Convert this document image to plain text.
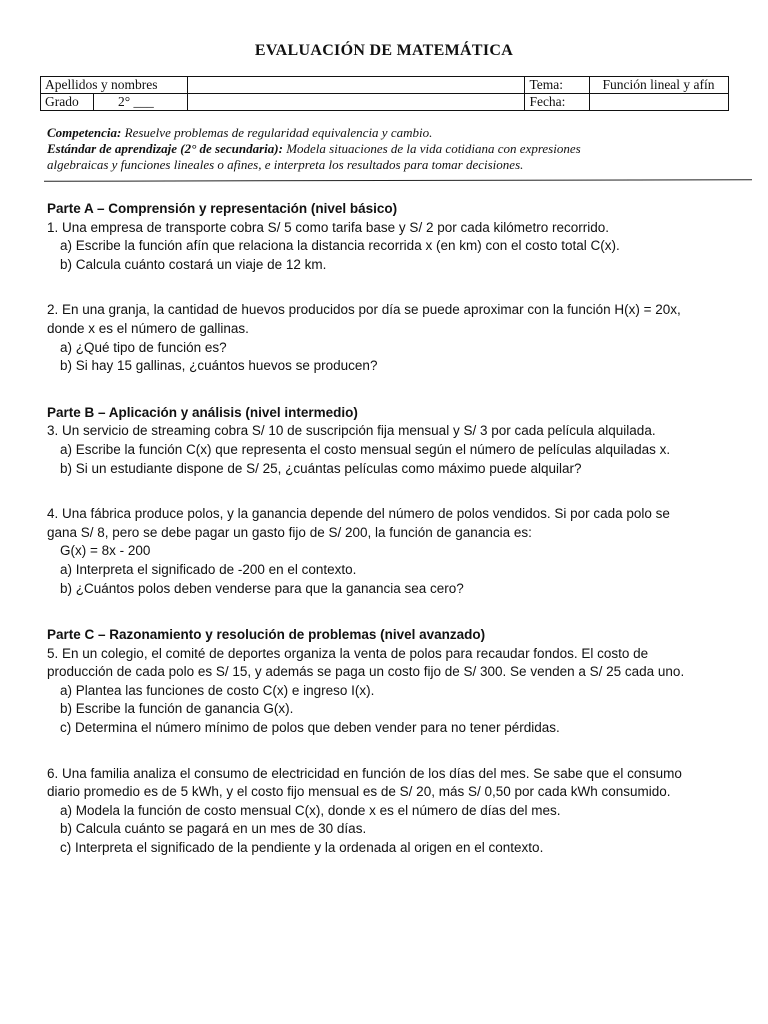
EVALUACIÓN DE MATEMÁTICA
Apellidos y nombres			Tema:	Función lineal y afín
Grado	2° ___		Fecha:	
Competencia: Resuelve problemas de regularidad equivalencia y cambio.
Estándar de aprendizaje (2° de secundaria): Modela situaciones de la vida cotidiana con expresiones
algebraicas y funciones lineales o afines, e interpreta los resultados para tomar decisiones.

Parte A – Comprensión y representación (nivel básico)

1. Una empresa de transporte cobra S/ 5 como tarifa base y S/ 2 por cada kilómetro recorrido.

a) Escribe la función afín que relaciona la distancia recorrida x (en km) con el costo total C(x).

b) Calcula cuánto costará un viaje de 12 km.

2. En una granja, la cantidad de huevos producidos por día se puede aproximar con la función H(x) = 20x,

donde x es el número de gallinas.

a) ¿Qué tipo de función es?

b) Si hay 15 gallinas, ¿cuántos huevos se producen?

Parte B – Aplicación y análisis (nivel intermedio)

3. Un servicio de streaming cobra S/ 10 de suscripción fija mensual y S/ 3 por cada película alquilada.

a) Escribe la función C(x) que representa el costo mensual según el número de películas alquiladas x.

b) Si un estudiante dispone de S/ 25, ¿cuántas películas como máximo puede alquilar?

4. Una fábrica produce polos, y la ganancia depende del número de polos vendidos. Si por cada polo se

gana S/ 8, pero se debe pagar un gasto fijo de S/ 200, la función de ganancia es:

G(x) = 8x - 200

a) Interpreta el significado de -200 en el contexto.

b) ¿Cuántos polos deben venderse para que la ganancia sea cero?

Parte C – Razonamiento y resolución de problemas (nivel avanzado)

5. En un colegio, el comité de deportes organiza la venta de polos para recaudar fondos. El costo de

producción de cada polo es S/ 15, y además se paga un costo fijo de S/ 300. Se venden a S/ 25 cada uno.

a) Plantea las funciones de costo C(x) e ingreso I(x).

b) Escribe la función de ganancia G(x).

c) Determina el número mínimo de polos que deben vender para no tener pérdidas.

6. Una familia analiza el consumo de electricidad en función de los días del mes. Se sabe que el consumo

diario promedio es de 5 kWh, y el costo fijo mensual es de S/ 20, más S/ 0,50 por cada kWh consumido.

a) Modela la función de costo mensual C(x), donde x es el número de días del mes.

b) Calcula cuánto se pagará en un mes de 30 días.

c) Interpreta el significado de la pendiente y la ordenada al origen en el contexto.
